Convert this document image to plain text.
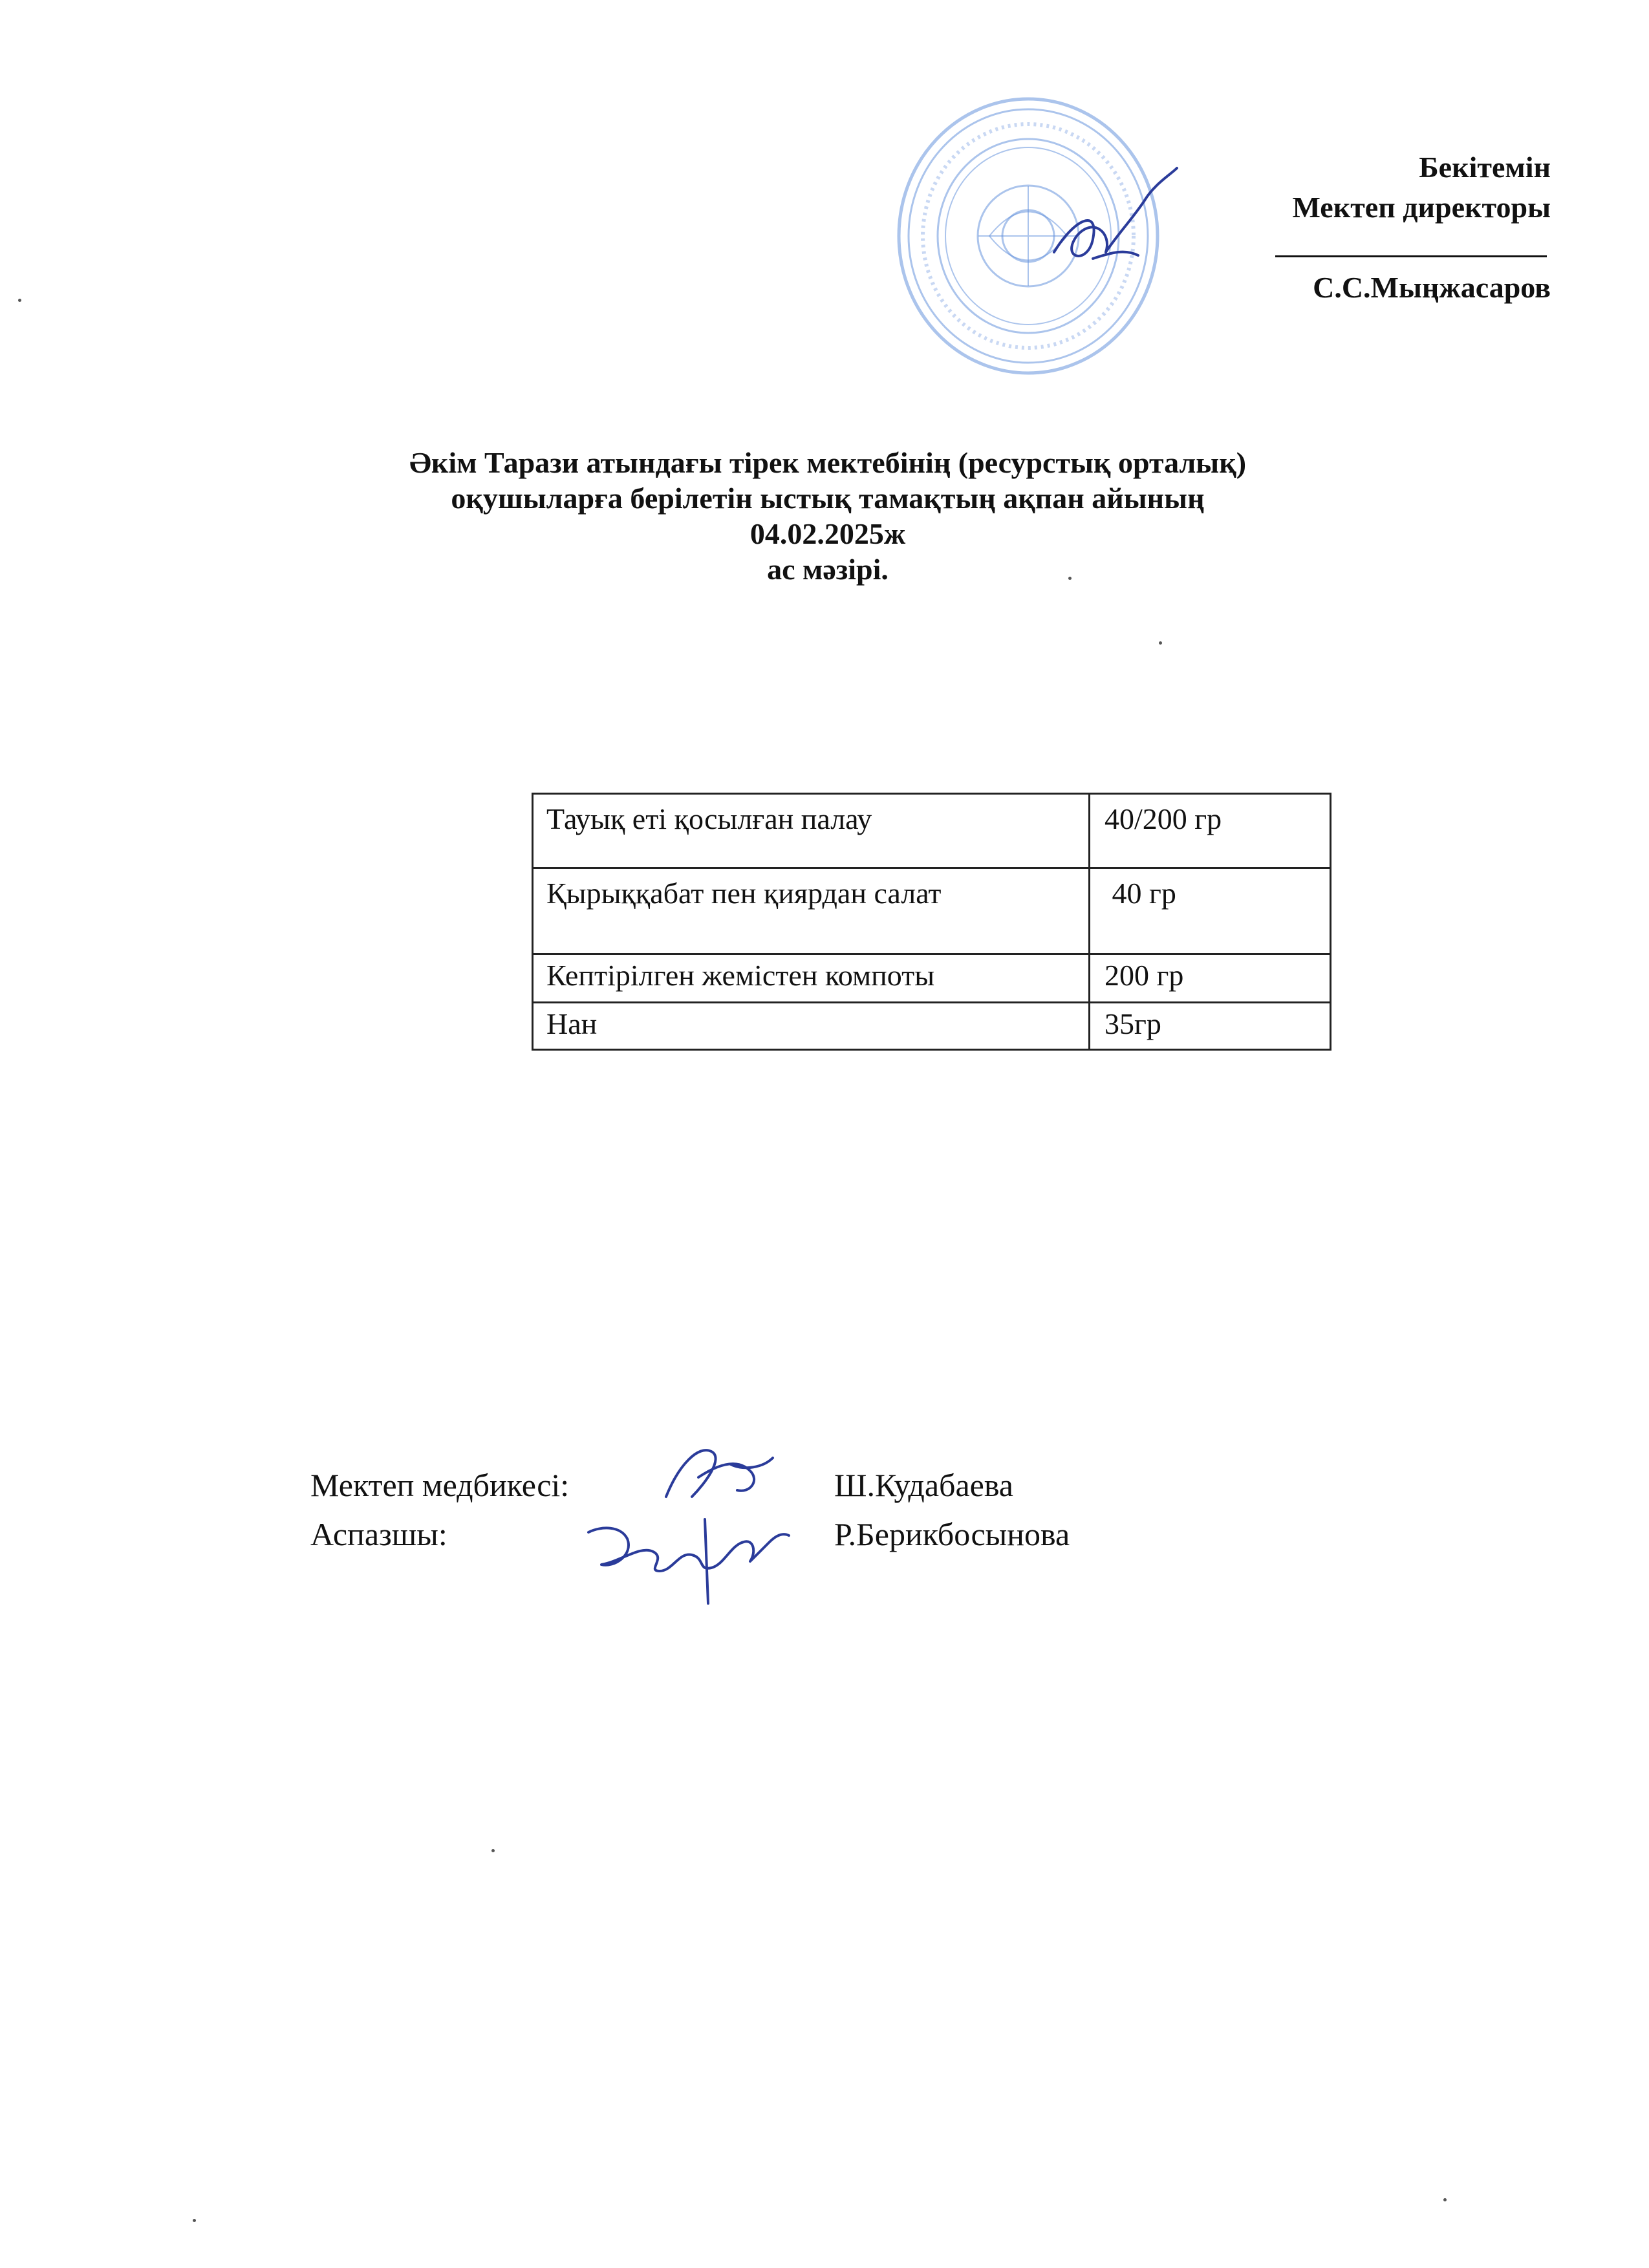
Бекітемін
Мектеп директоры
С.С.Мыңжасаров
Әкім Тарази атындағы тірек мектебінің (ресурстық орталық)
оқушыларға берілетін ыстық тамақтың ақпан айының
04.02.2025ж
ас мәзірі.
Тауық еті қосылған палау	40/200 гр
Қырыққабат пен қиярдан салат	40 гр
Кептірілген жемістен компоты	200 гр
Нан	35гр
Мектеп медбикесі:
Аспазшы:
Ш.Кудабаева
Р.Берикбосынова
